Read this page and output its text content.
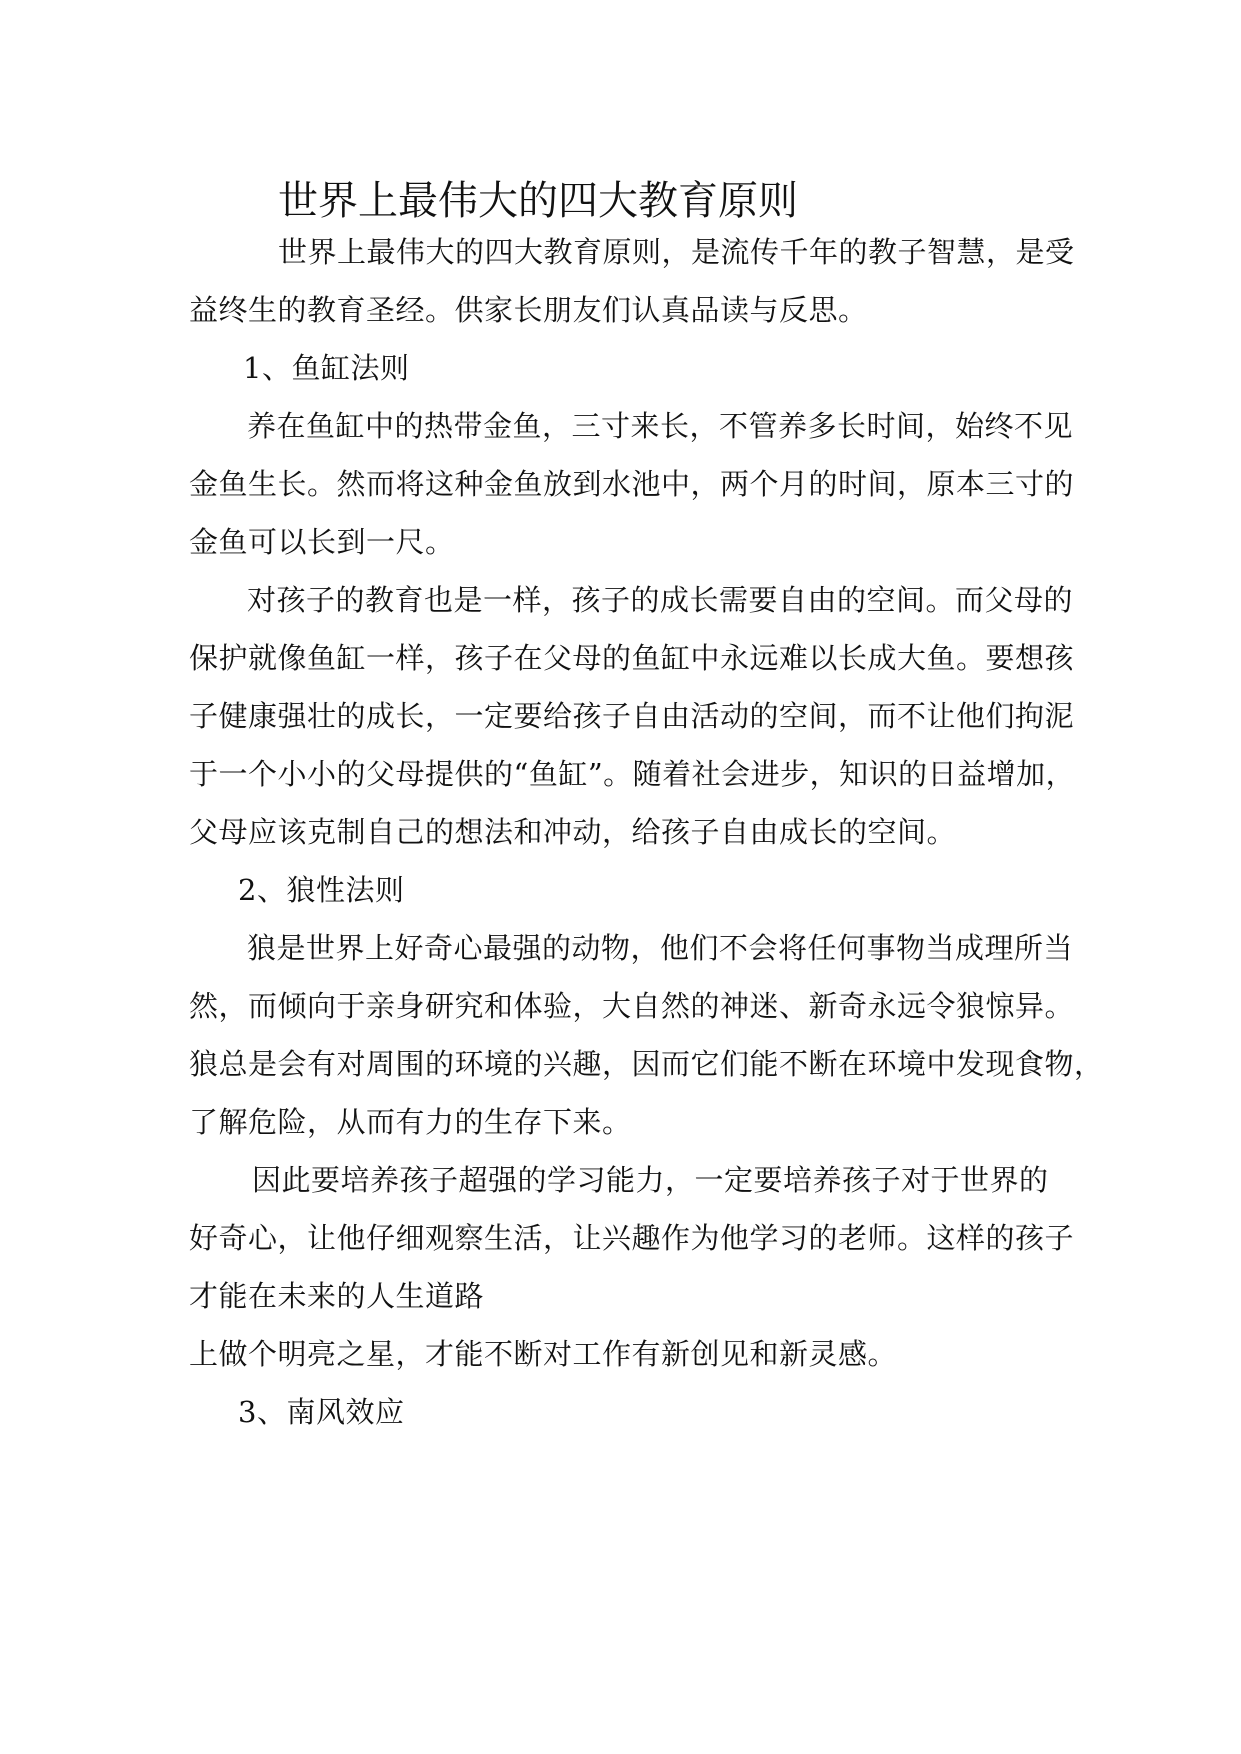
世界上最伟大的四大教育原则
世界上最伟大的四大教育原则，是流传千年的教子智慧，是受
益终生的教育圣经。供家长朋友们认真品读与反思。
1、鱼缸法则
养在鱼缸中的热带金鱼，三寸来长，不管养多长时间，始终不见
金鱼生长。然而将这种金鱼放到水池中，两个月的时间，原本三寸的
金鱼可以长到一尺。
对孩子的教育也是一样，孩子的成长需要自由的空间。而父母的
保护就像鱼缸一样，孩子在父母的鱼缸中永远难以长成大鱼。要想孩
子健康强壮的成长，一定要给孩子自由活动的空间，而不让他们拘泥
于一个小小的父母提供的“鱼缸”。随着社会进步，知识的日益增加，
父母应该克制自己的想法和冲动，给孩子自由成长的空间。
2、狼性法则
狼是世界上好奇心最强的动物，他们不会将任何事物当成理所当
然，而倾向于亲身研究和体验，大自然的神迷、新奇永远令狼惊异。
狼总是会有对周围的环境的兴趣，因而它们能不断在环境中发现食物，
了解危险，从而有力的生存下来。
因此要培养孩子超强的学习能力，一定要培养孩子对于世界的
好奇心，让他仔细观察生活，让兴趣作为他学习的老师。这样的孩子
才能在未来的人生道路
上做个明亮之星，才能不断对工作有新创见和新灵感。
3、南风效应
